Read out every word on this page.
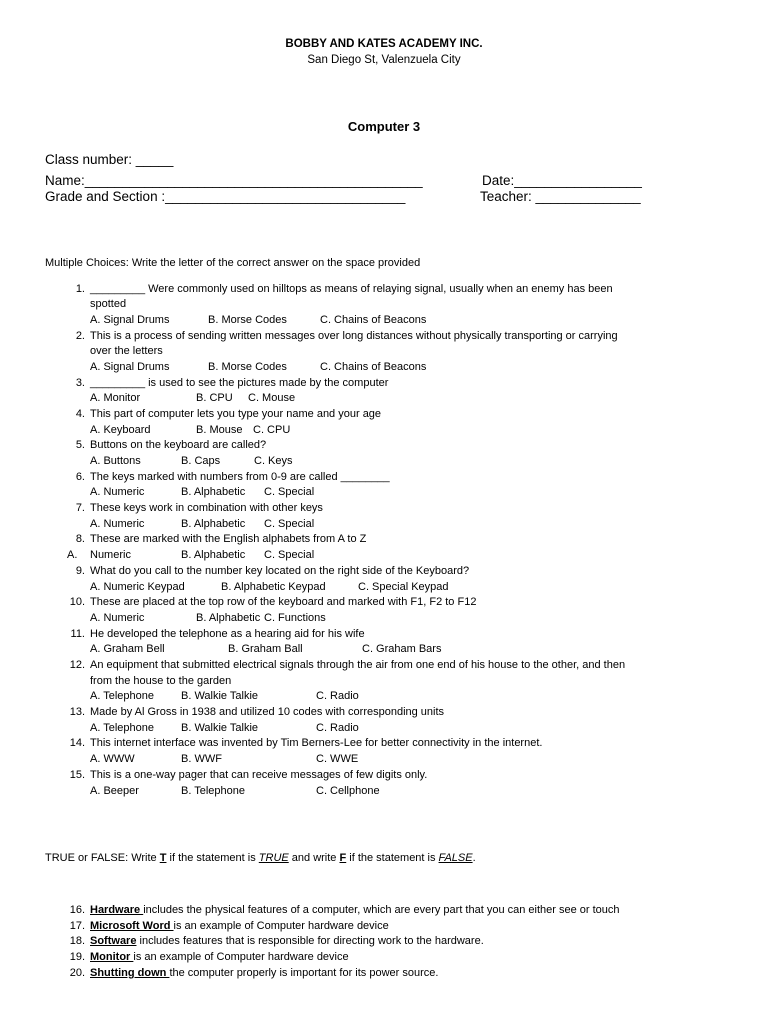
BOBBY AND KATES ACADEMY INC.
San Diego St, Valenzuela City
Computer 3
Class number: _____
Name:_____________________________________________	Date:_________________
Grade and Section :________________________________	Teacher: ______________
Multiple Choices: Write the letter of the correct answer on the space provided
1. _________ Were commonly used on hilltops as means of relaying signal, usually when an enemy has been
spotted
A. Signal Drums	B. Morse Codes	C. Chains of Beacons
2. This is a process of sending written messages over long distances without physically transporting or carrying
over the letters
A. Signal Drums	B. Morse Codes	C. Chains of Beacons
3. _________ is used to see the pictures made by the computer
A. Monitor	B. CPU C. Mouse
4. This part of computer lets you type your name and your age
A. Keyboard	B. Mouse C. CPU
5. Buttons on the keyboard are called?
A. Buttons	B. Caps	C. Keys
6. The keys marked with numbers from 0-9 are called ________
A. Numeric	B. Alphabetic C. Special
7. These keys work in combination with other keys
A. Numeric	B. Alphabetic C. Special
8. These are marked with the English alphabets from A to Z
A. Numeric	B. Alphabetic C. Special
9. What do you call to the number key located on the right side of the Keyboard?
A. Numeric Keypad	B. Alphabetic Keypad	C. Special Keypad
10. These are placed at the top row of the keyboard and marked with F1, F2 to F12
A. Numeric	B. Alphabetic C. Functions
11. He developed the telephone as a hearing aid for his wife
A. Graham Bell	B. Graham Ball	C. Graham Bars
12. An equipment that submitted electrical signals through the air from one end of his house to the other, and then
from the house to the garden
A. Telephone B. Walkie Talkie	C. Radio
13. Made by Al Gross in 1938 and utilized 10 codes with corresponding units
A. Telephone B. Walkie Talkie	C. Radio
14. This internet interface was invented by Tim Berners-Lee for better connectivity in the internet.
A. WWW	B. WWF	C. WWE
15. This is a one-way pager that can receive messages of few digits only.
A. Beeper	B. Telephone	C. Cellphone
TRUE or FALSE: Write T if the statement is TRUE and write F if the statement is FALSE.
16. Hardware includes the physical features of a computer, which are every part that you can either see or touch
17. Microsoft Word is an example of Computer hardware device
18. Software includes features that is responsible for directing work to the hardware.
19. Monitor is an example of Computer hardware device
20. Shutting down the computer properly is important for its power source.
